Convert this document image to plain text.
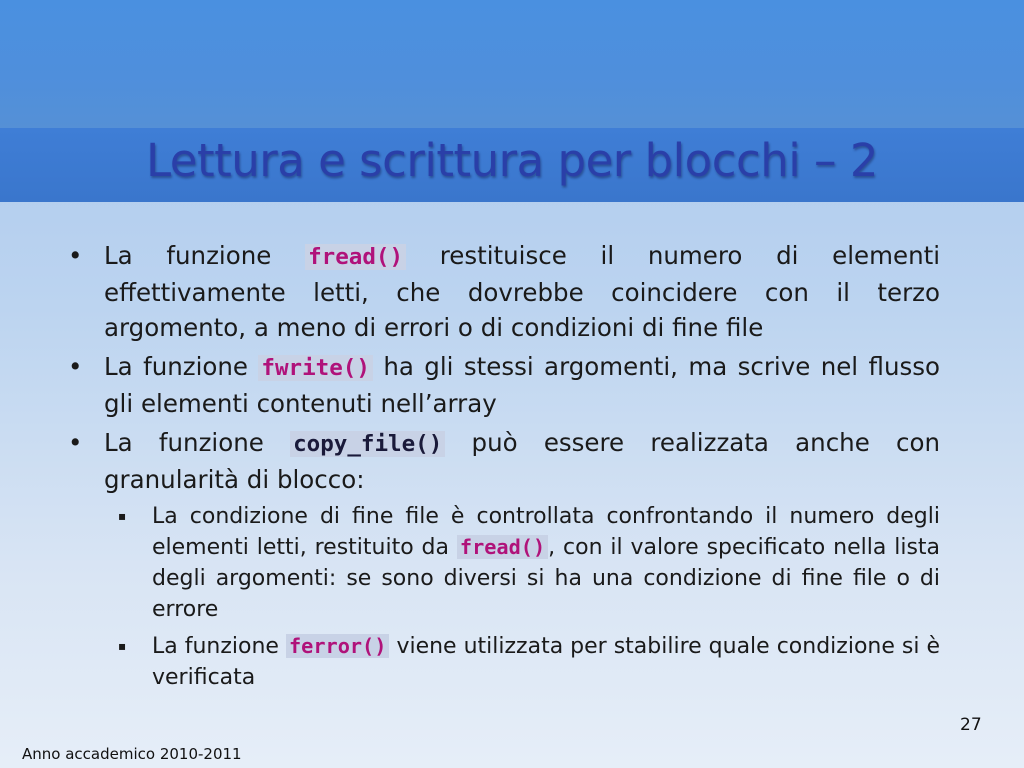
Lettura e scrittura per blocchi – 2
• La funzione fread() restituisce il numero di elementi effettivamente letti, che dovrebbe coincidere con il terzo argomento, a meno di errori o di condizioni di fine file
• La funzione fwrite() ha gli stessi argomenti, ma scrive nel flusso gli elementi contenuti nell’array
• La funzione copy_file() può essere realizzata anche con granularità di blocco:
▪ La condizione di fine file è controllata confrontando il numero degli elementi letti, restituito da fread() , con il valore specificato nella lista degli argomenti: se sono diversi si ha una condizione di fine file o di errore
▪ La funzione ferror() viene utilizzata per stabilire quale condizione si è verificata
27
Anno accademico 2010-2011
